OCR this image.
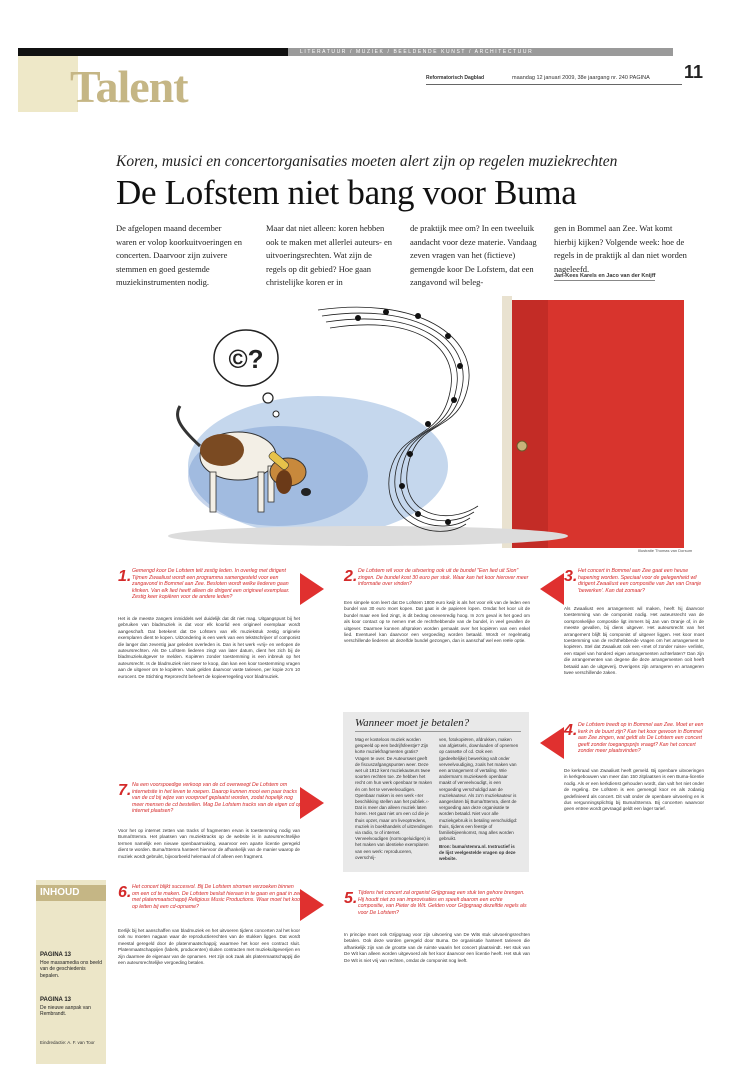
LITERATUUR / MUZIEK / BEELDENDE KUNST / ARCHITECTUUR
Talent	Reformatorisch Dagblad	maandag 12 januari 2009, 38e jaargang nr. 240 PAGINA 11
Koren, musici en concertorganisaties moeten alert zijn op regelen muziekrechten
De Lofstem niet bang voor Buma

De afgelopen maand december waren er volop koorkuitvoeringen en concerten. Daarvoor zijn zuivere stemmen en goed gestemde muziekinstrumenten nodig.

Maar dat niet alleen: koren hebben ook te maken met allerlei auteurs- en uitvoeringsrechten. Wat zijn de regels op dit gebied? Hoe gaan christelijke koren er in

de praktijk mee om? In een tweeluik aandacht voor deze materie. Vandaag zeven vragen van het (fictieve) gemengde koor De Lofstem, dat een zangavond wil beleg-

gen in Bommel aan Zee. Wat komt hierbij kijken? Volgende week: hoe de regels in de praktijk al dan niet worden nageleefd.

Jan-Kees Karels en Jaco van der Knijff
©?
Illustratie Thomas van Dorsum
1. Gemengd koor De Lofstem telt zestig leden. In overleg met dirigent Tijmen Zwaaliust wordt een programma samengesteld voor een zangavond in Bommel aan Zee. Besloten wordt welke liederen gaan klinken. Van elk lied heeft alleen de dirigent een origineel exemplaar. Zestig keer kopiëren voor de andere leden?
Het is de meeste zangers inmiddels wel duidelijk dat dit niet mag. Uitgangspunt bij het gebruiken van bladmuziek is dat voor elk koorlid een origineel exemplaar wordt aangeschaft. Dat betekent dat De Lofstem van elk muziekstuk zestig originele exemplaren dient te kopen. Uitzondering is een werk van een tekstschrijver of componist die langer dan zeventig jaar geleden overleden is. Dan is het werk «vrij» en verlopen de auteursrechten. Als De Lofstem liederen zingt van later datum, dient het zich bij de bladmuziekuitgever te melden. Kopiëren zonder toestemming is een inbreuk op het auteursrecht. Is de bladmuziek niet meer te koop, dan kan een koor toestemming vragen aan de uitgever om te kopiëren. Vaak gelden daarvoor vaste tarieven, per kopie zo'n 10 eurocent. De Stichting Reprorecht beheert de kopieerregeling voor bladmuziek.
2. De Lofstem wil voor de uitvoering ook uit de bundel "Een lied uit Sion" zingen. De bundel kost 30 euro per stuk. Waar kan het koor hierover meer informatie over vinden?
Een simpele som leert dat De Lofstem 1800 euro kwijt is als het voor elk van de leden een bundel van 30 euro moet kopen. Dat gaat in de papieren lopen. Omdat het koor uit de bundel maar een lied zingt, is dit bedrag onevenredig hoog. In zo'n geval is het goed om als koor contact op te nemen met de rechthebbende van de bundel, in veel gevallen de uitgever. Daarmee kunnen afspraken worden gemaakt over het kopiëren van een enkel lied. Eventueel kan daarvoor een vergoeding worden betaald. Wordt er regelmatig verschillende liederen uit dezelfde bundel gezongen, dan is aanschaf wel een reële optie.
3. Het concert in Bommel aan Zee gaat een heuse hapening worden. Speciaal voor de gelegenheid wil dirigent Zwaaliust een compositie van Jan van Oranje 'bewerken'. Kan dat zomaar?
Als Zwaaliust een arrangement wil maken, heeft hij daarvoor toestemming van de componist nodig. Het auteursrecht van de oorspronkelijke compositie ligt immers bij Jan van Oranje of, in de meeste gevallen, bij diens uitgever. Het auteursrecht van het arrangement blijft bij componist of uitgever liggen. Het koor moet toestemming van de rechthebbende vragen om het arrangement te kopiëren. Stel dat Zwaaliust ook een «met of zonder ruise» verlinkt, een stapel van honderd eigen arrangementen achterlaten? Dan zijn die arrangementen van degene die deze arrangementen ooit heeft betaald aan de uitgeverij. Overigens zijn arrangeren en arrangeren twee verschillende zaken.
4. De Lofstem treedt op in Bommel aan Zee. Moet er een kerk in de buurt zijn? Kan het koor gewoon in Bommel aan Zee zingen, wat geldt als De Lofstem een concert geeft zonder toegangsprijs vraagt? Kan het concert zonder meer plaatsvinden?
De kerkraad van Zwaaliust heeft gemeld. Bij openbare uitvoeringen in kerkgebouwen van meer dan 150 zitplaatsen is een Buma-licentie nodig. Als er een kerkdienst gehouden wordt, dan valt het niet onder de regeling. De Lofstem is een gemengd koor en als zodanig gedefinieerd als concert. Dit valt onder de openbare uitvoering en is dus vergunningsplichtig bij Buma/Stemra. Bij concerten waarvoor geen entree wordt gevraagd geldt een lager tarief.
Wanneer moet je betalen?
Mag er kosteloos muziek worden gespeeld op een bedrijfsfeestje? Zijn korte muziekfragmenten gratis? Vragen te over. De Auteurswet geeft de fiscuszafgangspunten weer. Deze wet uit 1912 kent muziekauteurs twee soorten rechten toe. Ze hebben het recht om hun werk openbaar te maken én om het te verveelvoudigen. Openbaar maken is een werk ‹‹ter beschikking stellen aan het publiek.›› Dat is meer dan alleen muziek laten horen. Het gaat niet om een cd die je thuis opzet, maar om liveoptredens, muziek in boekhandels of uitzendingen via radio, tv of internet. Verveelvoudigen (normogeluidigen) is het maken van identieke exemplaren van een werk: reproduceren, overschrij-
ven, fotokopiëren, afdrukken, maken van afgietsels, downloaden of opnemen op cassette of cd. Ook een (gedeeltelijke) bewerking valt onder verveelvoudiging, zoals het maken van een arrangement of vertaling. Wie anderman's muziekwerk openbaar maakt of verveelvoudigt, is een vergoeding verschuldigd aan de muziekauteur. Als zo'n muziekauteur is aangesloten bij Buma/Stemra, dient de vergoeding aan deze organisatie te worden betaald. Niet voor alle muziekgebruik is betaling verschuldigd: thuis, tijdens een feestje of familiebijeenkomst, mag alles worden gebruikt.
Bron: buma/stemra.nl. Instructief is de lijst veelgestelde vragen op deze website.
7. Na een voorspoedige verkoop van de cd overweegt De Lofstem om internetsite in het leven te roepen. Daarop kunnen mooi een paar tracks van de cd bij wijze van voorproef geplaatst worden, zodat hopelijk nog meer mensen de cd bestellen. Mag De Lofstem tracks van de eigen cd op internet plaatsen?
Voor het op internet zetten van tracks of fragmenten ervan is toestemming nodig van Buma/Stemra. Het plaatsen van muziektracks op de website is in auteursrechtelijke termen namelijk een nieuwe openbaarmaking, waarvoor een aparte licentie geregeld dient te worden. Buma/Stemra hanteert hiervoor de afhankelijk van de manier waarop de muziek wordt gebruikt, bijvoorbeeld helemaal af of alleen een fragment.
6. Het concert blijkt succesvol. Bij De Lofstem stromen verzoeken binnen om een cd te maken. De Lofstem besluit hieraan in te gaan en gaat in zee met platenmaatschappij Religious Music Productions. Waar moet het koor op letten bij een cd-opname?
Eerlijk bij het aanschaffen van bladmuziek en het uitvoeren tijdens concerten zal het koor ook nu moeten nagaan waar de reproductierechten van de stukken liggen. Dat wordt meestal geregeld door de platenmaatschappij; waarmee het koor een contract sluit. Platenmaatschappijen (labels, producenten) sluiten contracten met muziekuitgeverijen en zijn daarmee de eigenaar van de opnamen. Het zijn ook zaak als platenmaatschappij die een auteursrechtelijke vergoeding betalen.
5. Tijdens het concert zal organist Grijpgraag een stuk ten gehore brengen. Hij houdt niet zo van improvisaties en speelt daarom een echte compositie, van Pieter de Wit. Gelden voor Grijpgraag dezelfde regels als voor De Lofstem?
In principe moet ook Grijpgraag voor zijn uitvoering van De Wits stuk uitvoeringsrechten betalen. Ook deze worden geregeld door Buma. De organisatie hanteert tarieven die afhankelijk zijn van de grootte van de ruimte waarin het concert plaatsvindt. Het stuk van De Wit kan alleen worden uitgevoerd als het koor daarvoor een licentie heeft. Het stuk van De Wit is niet vrij van rechten, omdat de componist nog leeft.
INHOUD
PAGINA 13
Hoe massamedia ons beeld van de geschiedenis bepalen.
PAGINA 13
De nieuwe aanpak van Rembrandt.
Eindredactie: A. F. van Toor
